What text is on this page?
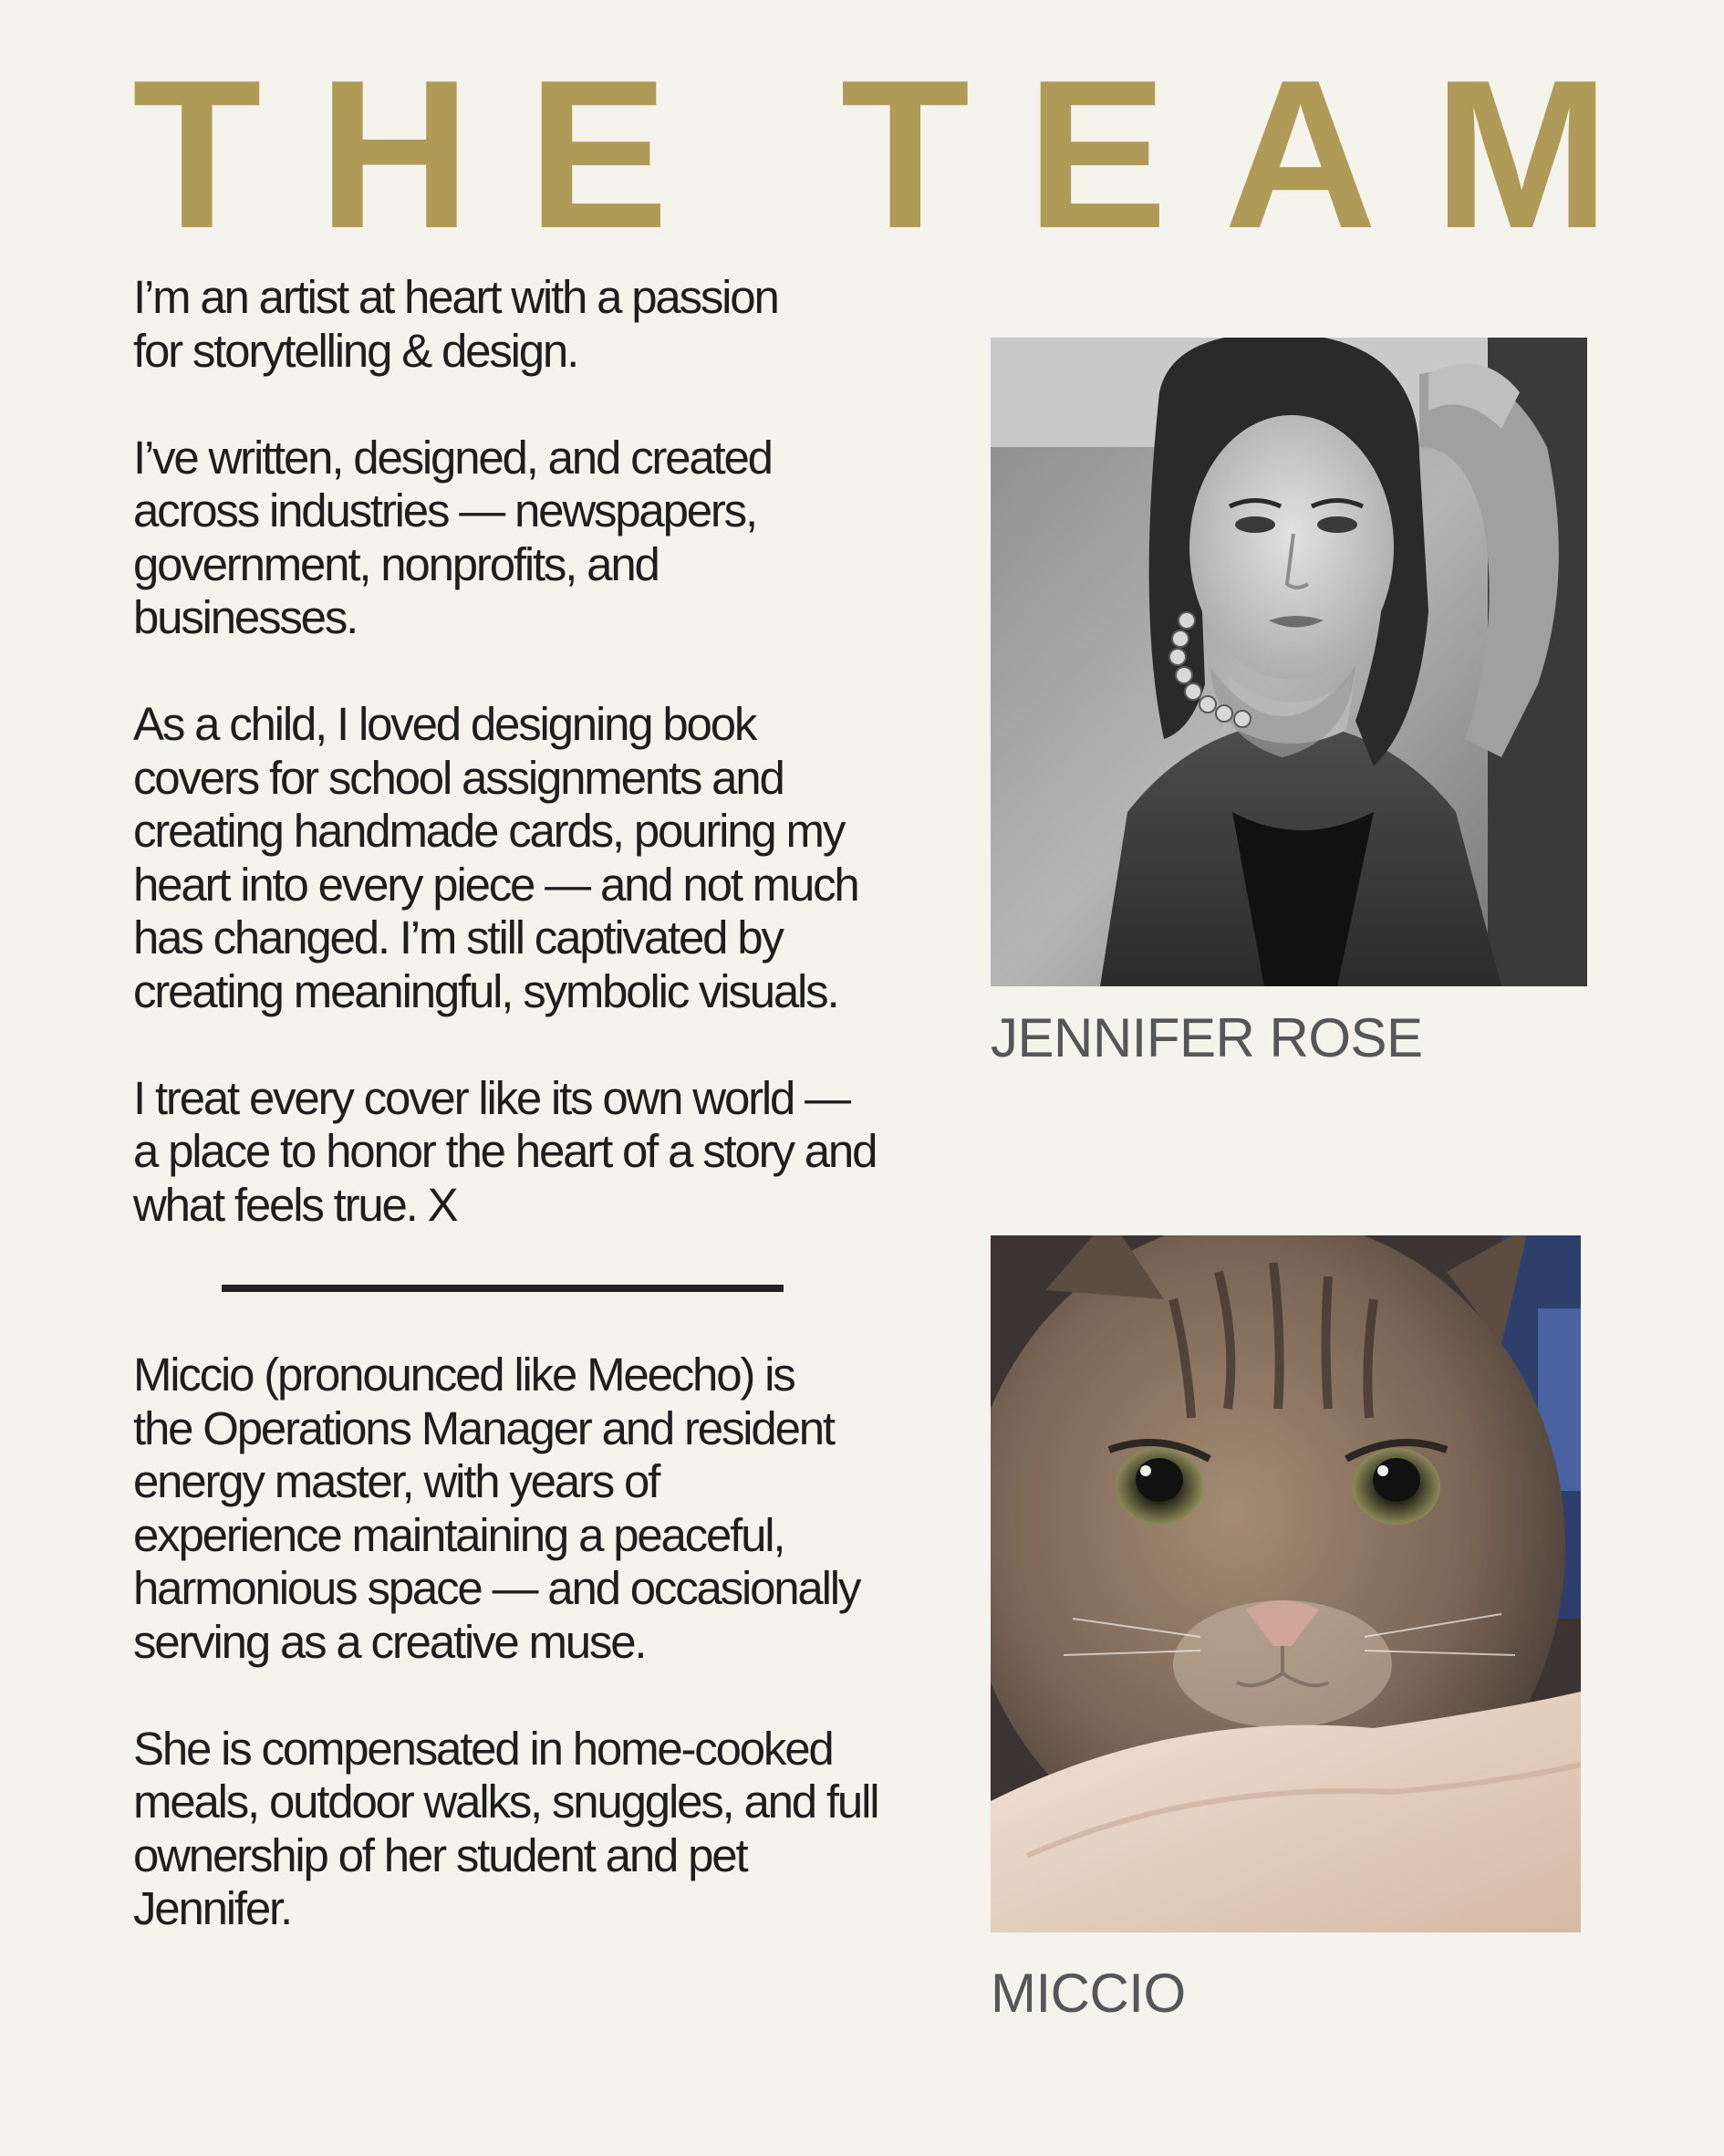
THE TEAM

I’m an artist at heart with a passion
for storytelling & design.

I’ve written, designed, and created
across industries — newspapers,
government, nonprofits, and
businesses.

As a child, I loved designing book
covers for school assignments and
creating handmade cards, pouring my
heart into every piece — and not much
has changed. I’m still captivated by
creating meaningful, symbolic visuals.

I treat every cover like its own world —
a place to honor the heart of a story and
what feels true. X

Miccio (pronounced like Meecho) is
the Operations Manager and resident
energy master, with years of
experience maintaining a peaceful,
harmonious space — and occasionally
serving as a creative muse.

She is compensated in home-cooked
meals, outdoor walks, snuggles, and full
ownership of her student and pet
Jennifer.

JENNIFER ROSE
MICCIO
